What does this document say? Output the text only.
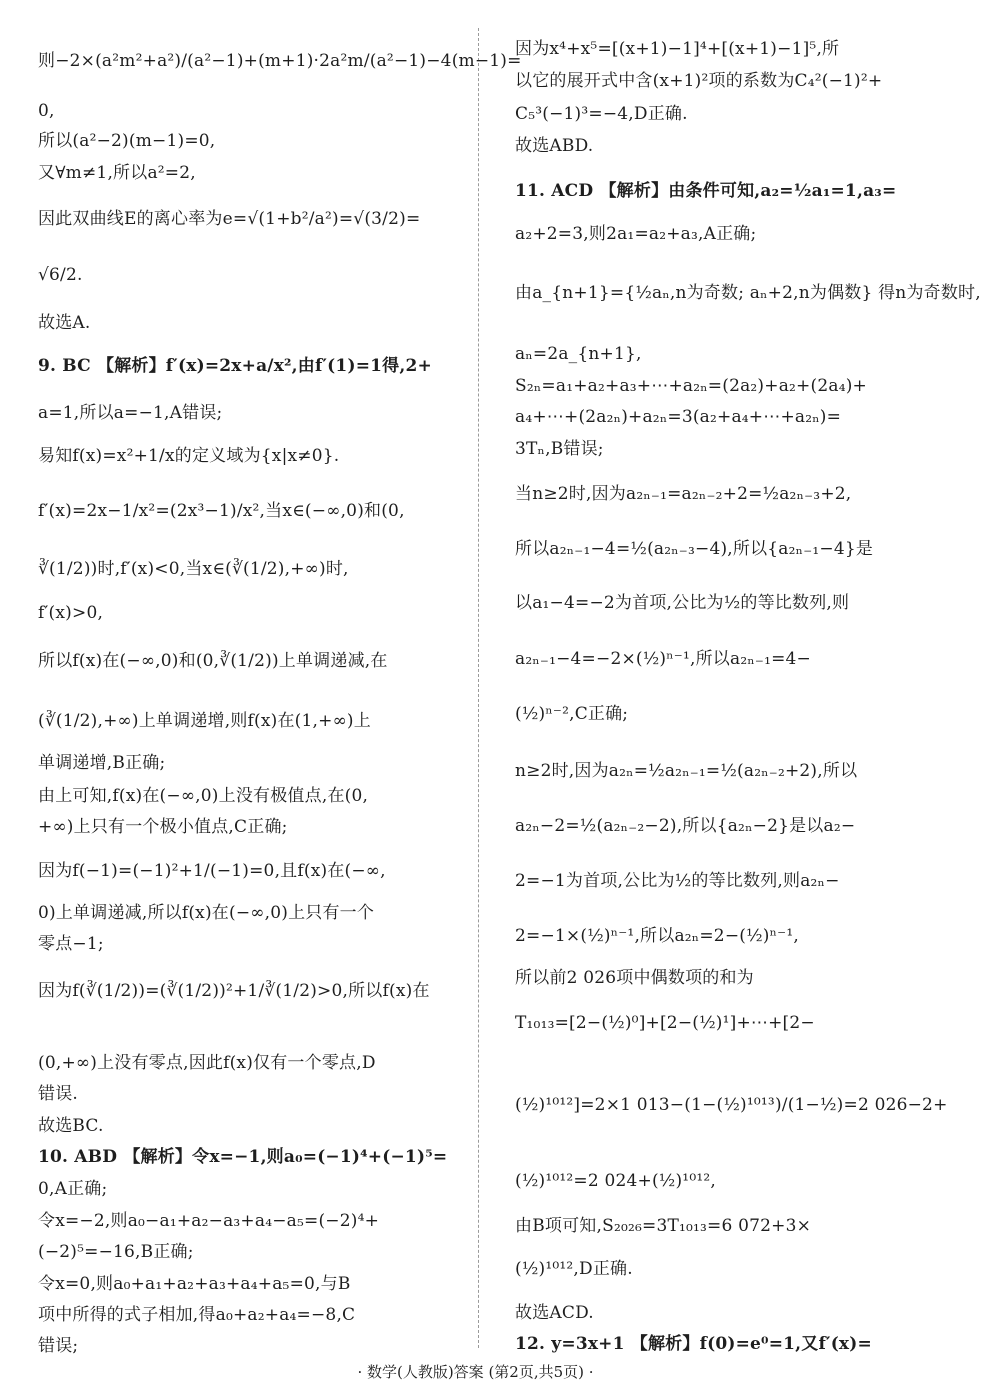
则−2×(a²m²+a²)/(a²−1)+(m+1)·2a²m/(a²−1)−4(m−1)=
0,
所以(a²−2)(m−1)=0,
又∀m≠1,所以a²=2,
因此双曲线E的离心率为e=√(1+b²/a²)=√(3/2)=
√6/2.
故选A.
9. BC 【解析】f′(x)=2x+a/x²,由f′(1)=1得,2+
a=1,所以a=−1,A错误;
易知f(x)=x²+1/x的定义域为{x|x≠0}.
f′(x)=2x−1/x²=(2x³−1)/x²,当x∈(−∞,0)和(0,
∛(1/2))时,f′(x)<0,当x∈(∛(1/2),+∞)时,
f′(x)>0,
所以f(x)在(−∞,0)和(0,∛(1/2))上单调递减,在
(∛(1/2),+∞)上单调递增,则f(x)在(1,+∞)上
单调递增,B正确;
由上可知,f(x)在(−∞,0)上没有极值点,在(0,
+∞)上只有一个极小值点,C正确;
因为f(−1)=(−1)²+1/(−1)=0,且f(x)在(−∞,
0)上单调递减,所以f(x)在(−∞,0)上只有一个
零点−1;
因为f(∛(1/2))=(∛(1/2))²+1/∛(1/2)>0,所以f(x)在
(0,+∞)上没有零点,因此f(x)仅有一个零点,D
错误.
故选BC.
10. ABD 【解析】令x=−1,则a₀=(−1)⁴+(−1)⁵=
0,A正确;
令x=−2,则a₀−a₁+a₂−a₃+a₄−a₅=(−2)⁴+
(−2)⁵=−16,B正确;
令x=0,则a₀+a₁+a₂+a₃+a₄+a₅=0,与B
项中所得的式子相加,得a₀+a₂+a₄=−8,C
错误;
因为x⁴+x⁵=[(x+1)−1]⁴+[(x+1)−1]⁵,所
以它的展开式中含(x+1)²项的系数为C₄²(−1)²+
C₅³(−1)³=−4,D正确.
故选ABD.
11. ACD 【解析】由条件可知,a₂=½a₁=1,a₃=
a₂+2=3,则2a₁=a₂+a₃,A正确;
由a_{n+1}={½aₙ,n为奇数; aₙ+2,n为偶数} 得n为奇数时,
aₙ=2a_{n+1},
S₂ₙ=a₁+a₂+a₃+⋯+a₂ₙ=(2a₂)+a₂+(2a₄)+
a₄+⋯+(2a₂ₙ)+a₂ₙ=3(a₂+a₄+⋯+a₂ₙ)=
3Tₙ,B错误;
当n≥2时,因为a₂ₙ₋₁=a₂ₙ₋₂+2=½a₂ₙ₋₃+2,
所以a₂ₙ₋₁−4=½(a₂ₙ₋₃−4),所以{a₂ₙ₋₁−4}是
以a₁−4=−2为首项,公比为½的等比数列,则
a₂ₙ₋₁−4=−2×(½)ⁿ⁻¹,所以a₂ₙ₋₁=4−
(½)ⁿ⁻²,C正确;
n≥2时,因为a₂ₙ=½a₂ₙ₋₁=½(a₂ₙ₋₂+2),所以
a₂ₙ−2=½(a₂ₙ₋₂−2),所以{a₂ₙ−2}是以a₂−
2=−1为首项,公比为½的等比数列,则a₂ₙ−
2=−1×(½)ⁿ⁻¹,所以a₂ₙ=2−(½)ⁿ⁻¹,
所以前2 026项中偶数项的和为
T₁₀₁₃=[2−(½)⁰]+[2−(½)¹]+⋯+[2−
(½)¹⁰¹²]=2×1 013−(1−(½)¹⁰¹³)/(1−½)=2 026−2+
(½)¹⁰¹²=2 024+(½)¹⁰¹²,
由B项可知,S₂₀₂₆=3T₁₀₁₃=6 072+3×
(½)¹⁰¹²,D正确.
故选ACD.
12. y=3x+1 【解析】f(0)=e⁰=1,又f′(x)=
· 数学(人教版)答案 (第2页,共5页) ·
